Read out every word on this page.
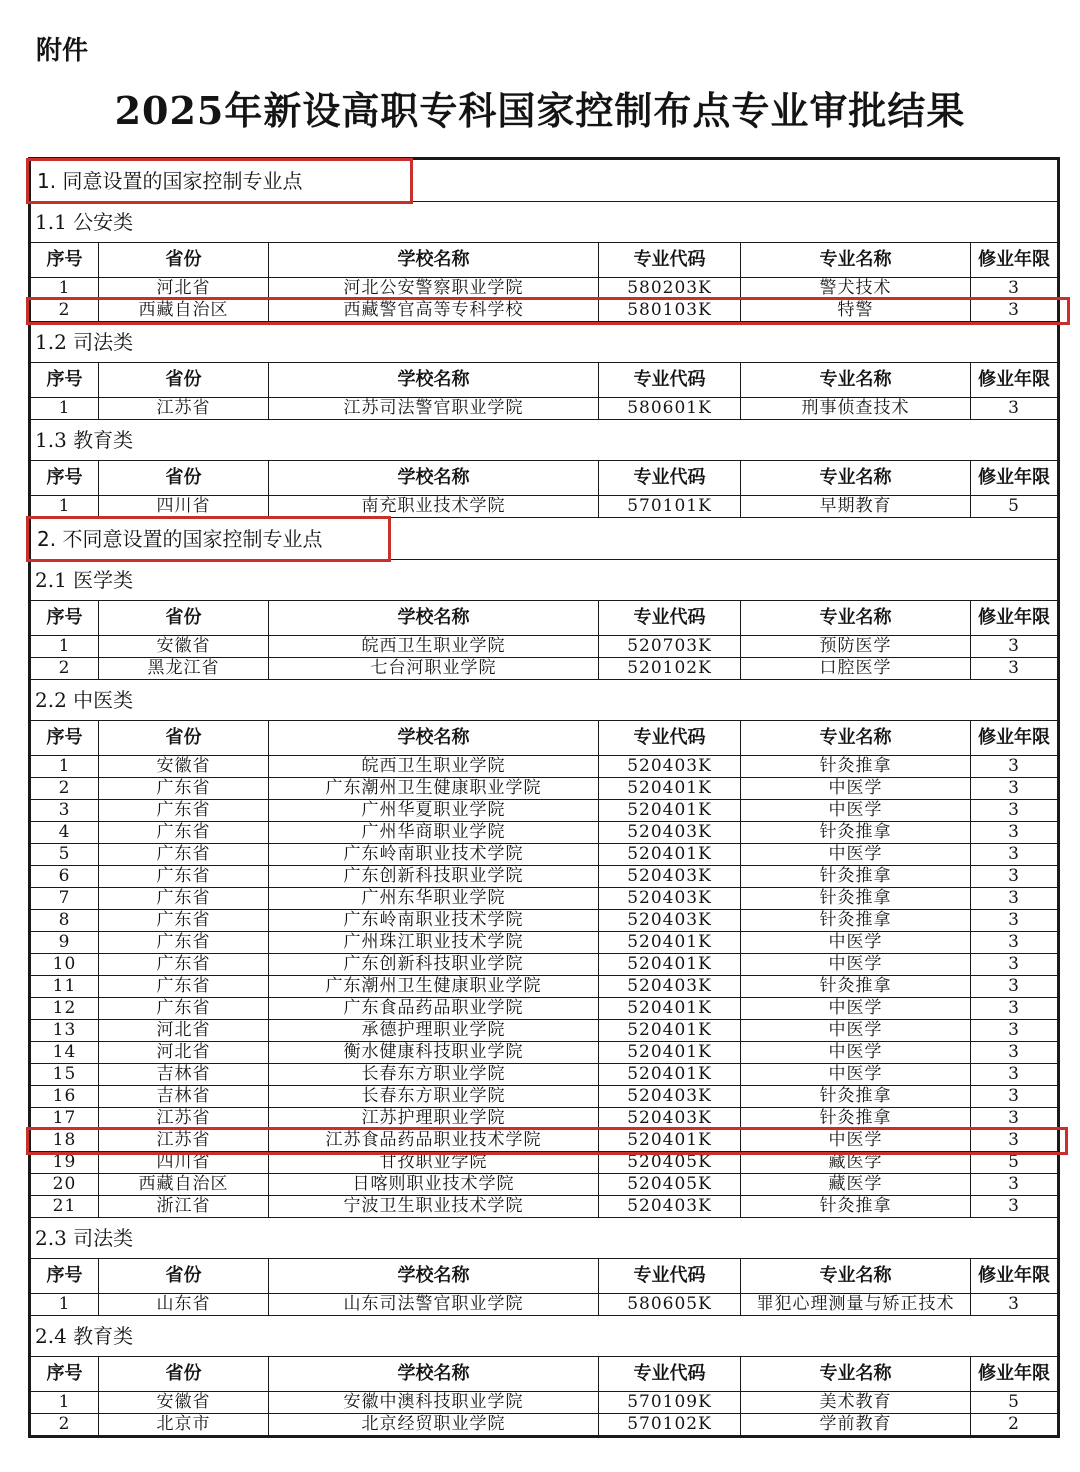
附件
2025年新设高职专科国家控制布点专业审批结果
1. 同意设置的国家控制专业点					
1.1 公安类					
序号	省份	学校名称	专业代码	专业名称	修业年限
1	河北省	河北公安警察职业学院	580203K	警犬技术	3
2	西藏自治区	西藏警官高等专科学校	580103K	特警	3
1.2 司法类					
序号	省份	学校名称	专业代码	专业名称	修业年限
1	江苏省	江苏司法警官职业学院	580601K	刑事侦查技术	3
1.3 教育类					
序号	省份	学校名称	专业代码	专业名称	修业年限
1	四川省	南充职业技术学院	570101K	早期教育	5
2. 不同意设置的国家控制专业点					
2.1 医学类					
序号	省份	学校名称	专业代码	专业名称	修业年限
1	安徽省	皖西卫生职业学院	520703K	预防医学	3
2	黑龙江省	七台河职业学院	520102K	口腔医学	3
2.2 中医类					
序号	省份	学校名称	专业代码	专业名称	修业年限
1	安徽省	皖西卫生职业学院	520403K	针灸推拿	3
2	广东省	广东潮州卫生健康职业学院	520401K	中医学	3
3	广东省	广州华夏职业学院	520401K	中医学	3
4	广东省	广州华商职业学院	520403K	针灸推拿	3
5	广东省	广东岭南职业技术学院	520401K	中医学	3
6	广东省	广东创新科技职业学院	520403K	针灸推拿	3
7	广东省	广州东华职业学院	520403K	针灸推拿	3
8	广东省	广东岭南职业技术学院	520403K	针灸推拿	3
9	广东省	广州珠江职业技术学院	520401K	中医学	3
10	广东省	广东创新科技职业学院	520401K	中医学	3
11	广东省	广东潮州卫生健康职业学院	520403K	针灸推拿	3
12	广东省	广东食品药品职业学院	520401K	中医学	3
13	河北省	承德护理职业学院	520401K	中医学	3
14	河北省	衡水健康科技职业学院	520401K	中医学	3
15	吉林省	长春东方职业学院	520401K	中医学	3
16	吉林省	长春东方职业学院	520403K	针灸推拿	3
17	江苏省	江苏护理职业学院	520403K	针灸推拿	3
18	江苏省	江苏食品药品职业技术学院	520401K	中医学	3
19	四川省	甘孜职业学院	520405K	藏医学	5
20	西藏自治区	日喀则职业技术学院	520405K	藏医学	3
21	浙江省	宁波卫生职业技术学院	520403K	针灸推拿	3
2.3 司法类					
序号	省份	学校名称	专业代码	专业名称	修业年限
1	山东省	山东司法警官职业学院	580605K	罪犯心理测量与矫正技术	3
2.4 教育类					
序号	省份	学校名称	专业代码	专业名称	修业年限
1	安徽省	安徽中澳科技职业学院	570109K	美术教育	5
2	北京市	北京经贸职业学院	570102K	学前教育	2
